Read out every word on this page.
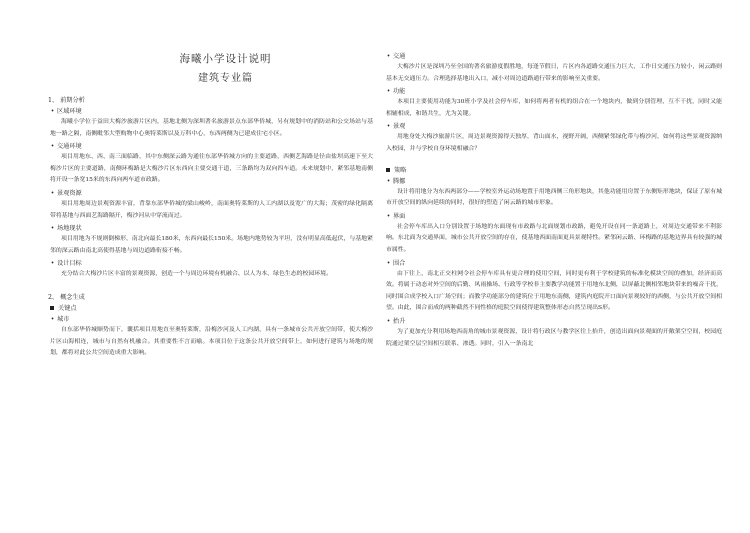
海曦小学设计说明
建筑专业篇
1、 前期分析
• 区域环境

海曦小学位于益田大梅沙旅游片区内，基地北侧为深圳著名旅游景点东部华侨城，另有规划中的消防站和公交场站与基地一路之隔，南侧毗邻大型购物中心奥特莱斯以及万科中心，东西两侧为已建成住宅小区。

• 交通环境

项目用地东、西、南三面临路，其中东侧深云路为通往东部华侨城方向的主要道路，西侧艺海路是径由盐坝高速下至大梅沙片区的主要道路，南侧环梅路是大梅沙片区东西向主要交通干道，三条路均为双向四车道。未来规划中，紧邻基地南侧将开设一条宽15米的东西向两车道市政路。

• 景观资源

项目用地周边景观资源丰富，背靠东部华侨城的梁山峻岭，南面奥特莱斯的人工内湖以及宽广的大海；茂密的绿化隔离带将基地与西面艺海路隔开，梅沙河从中穿流而过。

• 场地现状

项目用地为不规则倒梯形，南北向最长180米，东西向最长150米。场地内地势较为平坦，没有明显高低起伏，与基地紧邻的深云路由南北高使得基地与周边道路衔接不畅。

• 设计目标

充分结合大梅沙片区丰富的景观资源，创造一个与周边环境有机融合、以人为本、绿色生态的校园环境。

2、 概念生成
关键点
• 城市

自东部华侨城顺势而下，囊括项目用地直至奥特莱斯，沿梅沙河及人工内湖，具有一条城市公共开放空间带，使大梅沙片区山海相连，城市与自然有机融合。其重要性不言而喻。本项目位于这条公共开放空间带上，如何进行建筑与场地的规划，都将对此公共空间造成重大影响。

• 交通

大梅沙片区是深圳乃至全国的著名旅游度假胜地，每逢节假日，片区内各道路交通压力巨大，工作日交通压力较小，闲云路则基本无交通压力。合理选择基地出入口，减小对周边道路通行带来的影响至关重要。

• 功能

本项目主要使用功能为30班小学及社会停车库，如何将两者有机的组合在一个地块内，做到分别管理，互不干扰，同时又能相辅相成，和谐共生，尤为关键。

• 景观

用地身处大梅沙旅游片区，周边景观资源得天独厚，背山面水，视野开阔，西侧紧邻绿化带与梅沙河，如何将这些景观资源纳入校园，并与学校自身环境相融合？

策略
• 腾挪

设计将用地分为东西两部分——学校室外运动场地置于用地西侧三角形地块，其他功能用房置于东侧矩形地块，保证了原有城市开放空间的纵向延续的同时，很好的塑造了闲云路的城市形象。

• 界面

社会停车库出入口分别设置于场地的东面现有市政路与北面规划市政路，避免开设在同一条道路上，对周边交通带来不利影响。东北面为交通界面，城市公共开放空间的存在，使基地西面南面更具景观特性。紧邻闲云路、环梅路的基地边界具有较强的城市属性。

• 围合

由下往上，南北正交柱网令社会停车库具有更合理的使用空间，同时更有利于学校建筑的标准化模块空间的叠加，经济而高效。将属于动态对外空间的后勤、风雨操场、行政等学校非主要教学功能置于用地东北侧，以屏蔽北侧相邻地块带来的噪音干扰，同时围合成学校入口广场空间；而教学功能部分的建筑位于用地东南侧，建筑内庭院开口面向景观较好的西侧，与公共开放空间相望。由此，围合而成的两种截然不同性格的庭院空间使得建筑整体形态自然呈现出S形。

• 抬升

为了更加充分利用场地西南角的城市景观资源，设计将行政区与教学区往上抬升，创造出面向景观面的开敞架空空间，校园庭院通过架空层空间相互联系、渗透。同时，引入一条南北
